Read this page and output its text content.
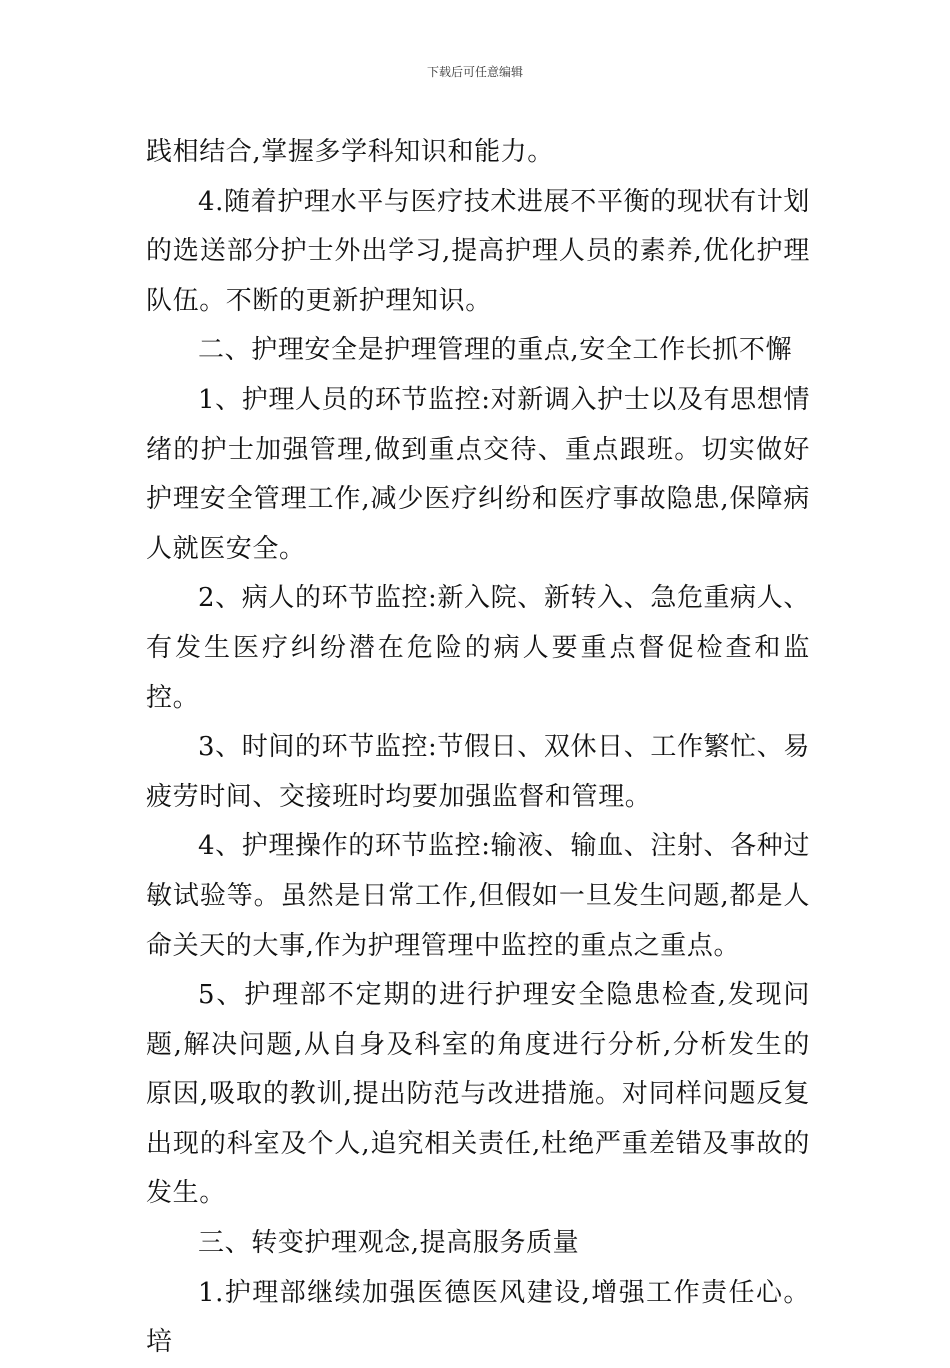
下载后可任意编辑

践相结合,掌握多学科知识和能力。

4.随着护理水平与医疗技术进展不平衡的现状有计划的选送部分护士外出学习,提高护理人员的素养,优化护理队伍。不断的更新护理知识。

二、护理安全是护理管理的重点,安全工作长抓不懈

1、护理人员的环节监控:对新调入护士以及有思想情绪的护士加强管理,做到重点交待、重点跟班。切实做好护理安全管理工作,减少医疗纠纷和医疗事故隐患,保障病人就医安全。

2、病人的环节监控:新入院、新转入、急危重病人、有发生医疗纠纷潜在危险的病人要重点督促检查和监控。

3、时间的环节监控:节假日、双休日、工作繁忙、易疲劳时间、交接班时均要加强监督和管理。

4、护理操作的环节监控:输液、输血、注射、各种过敏试验等。虽然是日常工作,但假如一旦发生问题,都是人命关天的大事,作为护理管理中监控的重点之重点。

5、护理部不定期的进行护理安全隐患检查,发现问题,解决问题,从自身及科室的角度进行分析,分析发生的原因,吸取的教训,提出防范与改进措施。对同样问题反复出现的科室及个人,追究相关责任,杜绝严重差错及事故的发生。

三、转变护理观念,提高服务质量

1.护理部继续加强医德医风建设,增强工作责任心。培
